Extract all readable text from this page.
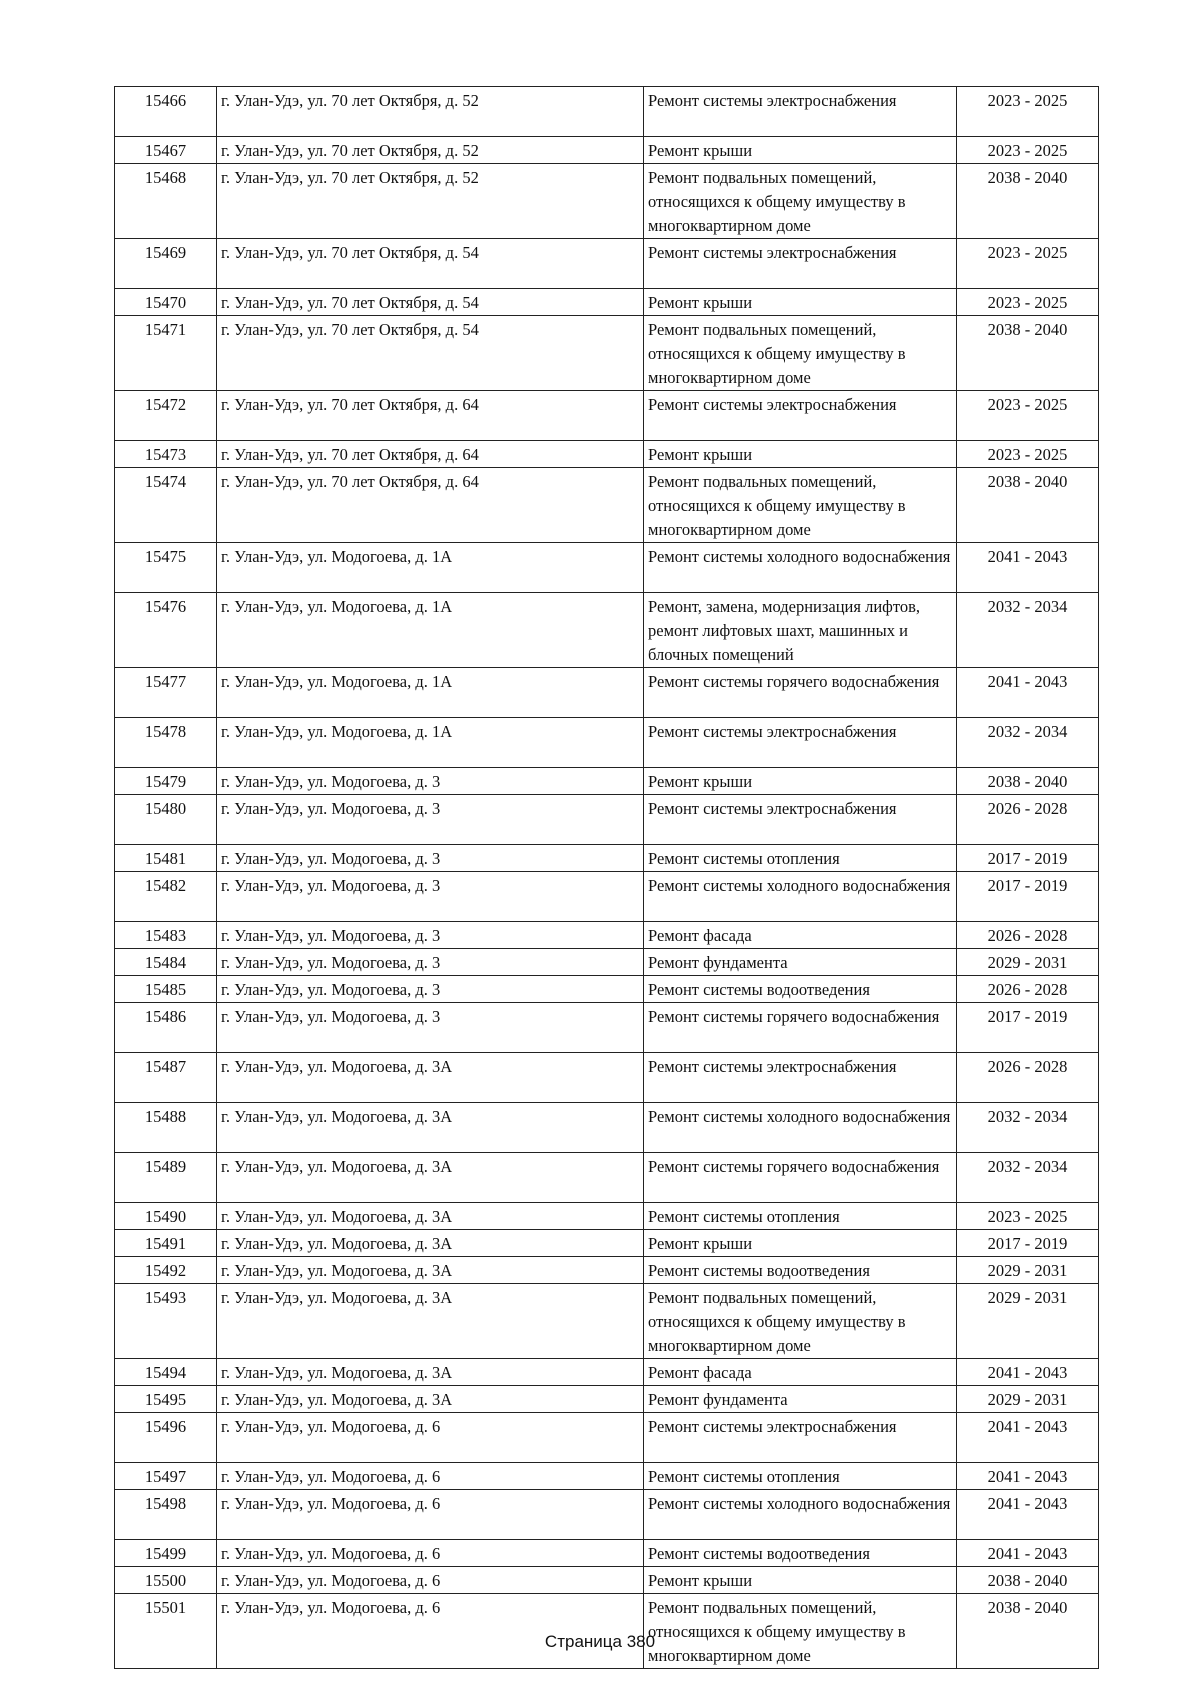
15466	г. Улан-Удэ, ул. 70 лет Октября, д. 52	Ремонт системы электроснабжения	2023 - 2025
15467	г. Улан-Удэ, ул. 70 лет Октября, д. 52	Ремонт крыши	2023 - 2025
15468	г. Улан-Удэ, ул. 70 лет Октября, д. 52	Ремонт подвальных помещений, относящихся к общему имуществу в многоквартирном доме	2038 - 2040
15469	г. Улан-Удэ, ул. 70 лет Октября, д. 54	Ремонт системы электроснабжения	2023 - 2025
15470	г. Улан-Удэ, ул. 70 лет Октября, д. 54	Ремонт крыши	2023 - 2025
15471	г. Улан-Удэ, ул. 70 лет Октября, д. 54	Ремонт подвальных помещений, относящихся к общему имуществу в многоквартирном доме	2038 - 2040
15472	г. Улан-Удэ, ул. 70 лет Октября, д. 64	Ремонт системы электроснабжения	2023 - 2025
15473	г. Улан-Удэ, ул. 70 лет Октября, д. 64	Ремонт крыши	2023 - 2025
15474	г. Улан-Удэ, ул. 70 лет Октября, д. 64	Ремонт подвальных помещений, относящихся к общему имуществу в многоквартирном доме	2038 - 2040
15475	г. Улан-Удэ, ул. Модогоева, д. 1А	Ремонт системы холодного водоснабжения	2041 - 2043
15476	г. Улан-Удэ, ул. Модогоева, д. 1А	Ремонт, замена, модернизация лифтов, ремонт лифтовых шахт, машинных и блочных помещений	2032 - 2034
15477	г. Улан-Удэ, ул. Модогоева, д. 1А	Ремонт системы горячего водоснабжения	2041 - 2043
15478	г. Улан-Удэ, ул. Модогоева, д. 1А	Ремонт системы электроснабжения	2032 - 2034
15479	г. Улан-Удэ, ул. Модогоева, д. 3	Ремонт крыши	2038 - 2040
15480	г. Улан-Удэ, ул. Модогоева, д. 3	Ремонт системы электроснабжения	2026 - 2028
15481	г. Улан-Удэ, ул. Модогоева, д. 3	Ремонт системы отопления	2017 - 2019
15482	г. Улан-Удэ, ул. Модогоева, д. 3	Ремонт системы холодного водоснабжения	2017 - 2019
15483	г. Улан-Удэ, ул. Модогоева, д. 3	Ремонт фасада	2026 - 2028
15484	г. Улан-Удэ, ул. Модогоева, д. 3	Ремонт фундамента	2029 - 2031
15485	г. Улан-Удэ, ул. Модогоева, д. 3	Ремонт системы водоотведения	2026 - 2028
15486	г. Улан-Удэ, ул. Модогоева, д. 3	Ремонт системы горячего водоснабжения	2017 - 2019
15487	г. Улан-Удэ, ул. Модогоева, д. 3А	Ремонт системы электроснабжения	2026 - 2028
15488	г. Улан-Удэ, ул. Модогоева, д. 3А	Ремонт системы холодного водоснабжения	2032 - 2034
15489	г. Улан-Удэ, ул. Модогоева, д. 3А	Ремонт системы горячего водоснабжения	2032 - 2034
15490	г. Улан-Удэ, ул. Модогоева, д. 3А	Ремонт системы отопления	2023 - 2025
15491	г. Улан-Удэ, ул. Модогоева, д. 3А	Ремонт крыши	2017 - 2019
15492	г. Улан-Удэ, ул. Модогоева, д. 3А	Ремонт системы водоотведения	2029 - 2031
15493	г. Улан-Удэ, ул. Модогоева, д. 3А	Ремонт подвальных помещений, относящихся к общему имуществу в многоквартирном доме	2029 - 2031
15494	г. Улан-Удэ, ул. Модогоева, д. 3А	Ремонт фасада	2041 - 2043
15495	г. Улан-Удэ, ул. Модогоева, д. 3А	Ремонт фундамента	2029 - 2031
15496	г. Улан-Удэ, ул. Модогоева, д. 6	Ремонт системы электроснабжения	2041 - 2043
15497	г. Улан-Удэ, ул. Модогоева, д. 6	Ремонт системы отопления	2041 - 2043
15498	г. Улан-Удэ, ул. Модогоева, д. 6	Ремонт системы холодного водоснабжения	2041 - 2043
15499	г. Улан-Удэ, ул. Модогоева, д. 6	Ремонт системы водоотведения	2041 - 2043
15500	г. Улан-Удэ, ул. Модогоева, д. 6	Ремонт крыши	2038 - 2040
15501	г. Улан-Удэ, ул. Модогоева, д. 6	Ремонт подвальных помещений, относящихся к общему имуществу в многоквартирном доме	2038 - 2040
Страница 380
